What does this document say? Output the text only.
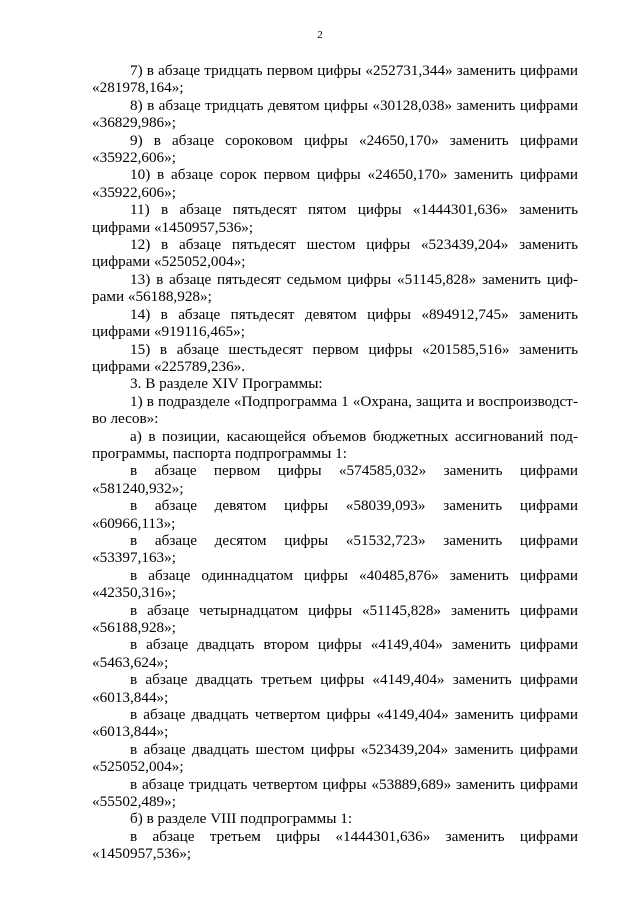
2

7) в абзаце тридцать первом цифры «252731,344» заменить цифрами «281978,164»;

8) в абзаце тридцать девятом цифры «30128,038» заменить цифрами «36829,986»;

9) в абзаце сороковом цифры «24650,170» заменить цифрами «35922,606»;

10) в абзаце сорок первом цифры «24650,170» заменить цифрами «35922,606»;

11) в абзаце пятьдесят пятом цифры «1444301,636» заменить цифрами «1450957,536»;

12) в абзаце пятьдесят шестом цифры «523439,204» заменить цифрами «525052,004»;

13) в абзаце пятьдесят седьмом цифры «51145,828» заменить цифрами «56188,928»;

14) в абзаце пятьдесят девятом цифры «894912,745» заменить цифрами «919116,465»;

15) в абзаце шестьдесят первом цифры «201585,516» заменить цифрами «225789,236».

3. В разделе XIV Программы:

1) в подразделе «Подпрограмма 1 «Охрана, защита и воспроизводство лесов»:

а) в позиции, касающейся объемов бюджетных ассигнований подпрограммы, паспорта подпрограммы 1:

в абзаце первом цифры «574585,032» заменить цифрами «581240,932»;

в абзаце девятом цифры «58039,093» заменить цифрами «60966,113»;

в абзаце десятом цифры «51532,723» заменить цифрами «53397,163»;

в абзаце одиннадцатом цифры «40485,876» заменить цифрами «42350,316»;

в абзаце четырнадцатом цифры «51145,828» заменить цифрами «56188,928»;

в абзаце двадцать втором цифры «4149,404» заменить цифрами «5463,624»;

в абзаце двадцать третьем цифры «4149,404» заменить цифрами «6013,844»;

в абзаце двадцать четвертом цифры «4149,404» заменить цифрами «6013,844»;

в абзаце двадцать шестом цифры «523439,204» заменить цифрами «525052,004»;

в абзаце тридцать четвертом цифры «53889,689» заменить цифрами «55502,489»;

б) в разделе VIII подпрограммы 1:

в абзаце третьем цифры «1444301,636» заменить цифрами «1450957,536»;
